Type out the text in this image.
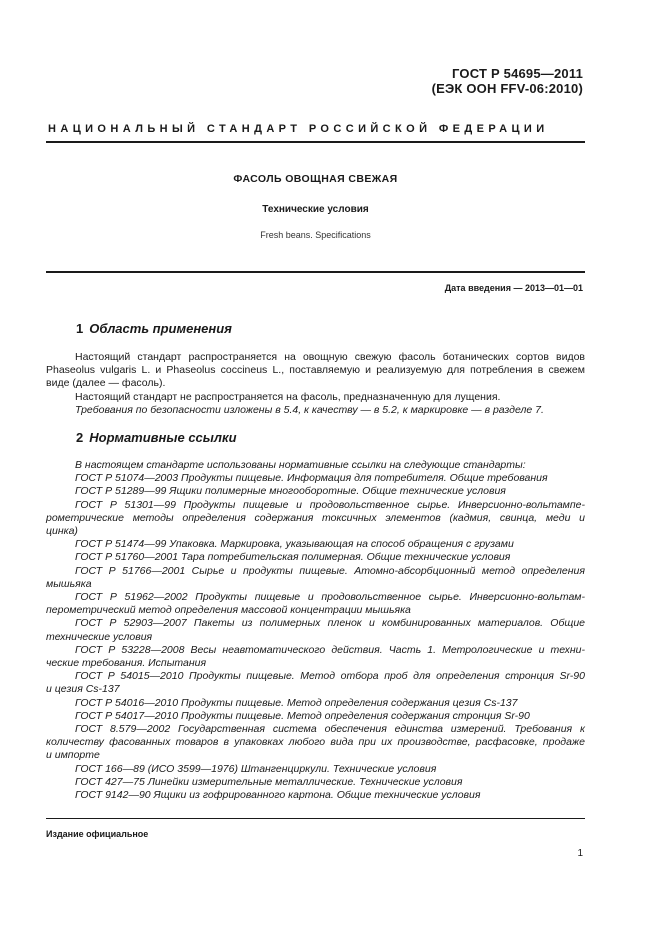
ГОСТ Р 54695—2011
(ЕЭК ООН FFV-06:2010)
НАЦИОНАЛЬНЫЙ СТАНДАРТ РОССИЙСКОЙ ФЕДЕРАЦИИ
ФАСОЛЬ ОВОЩНАЯ СВЕЖАЯ
Технические условия
Fresh beans. Specifications
Дата введения — 2013—01—01
1 Область применения
Настоящий стандарт распространяется на овощную свежую фасоль ботанических сортов видов
Phaseolus vulgaris L. и Phaseolus coccineus L., поставляемую и реализуемую для потребления в свежем
виде (далее — фасоль).
Настоящий стандарт не распространяется на фасоль, предназначенную для лущения.
Требования по безопасности изложены в 5.4, к качеству — в 5.2, к маркировке — в разделе 7.
2 Нормативные ссылки
В настоящем стандарте использованы нормативные ссылки на следующие стандарты:
ГОСТ Р 51074—2003 Продукты пищевые. Информация для потребителя. Общие требования
ГОСТ Р 51289—99 Ящики полимерные многооборотные. Общие технические условия
ГОСТ Р 51301—99 Продукты пищевые и продовольственное сырье. Инверсионно-вольтампе-
рометрические методы определения содержания токсичных элементов (кадмия, свинца, меди и
цинка)
ГОСТ Р 51474—99 Упаковка. Маркировка, указывающая на способ обращения с грузами
ГОСТ Р 51760—2001 Тара потребительская полимерная. Общие технические условия
ГОСТ Р 51766—2001 Сырье и продукты пищевые. Атомно-абсорбционный метод определения
мышьяка
ГОСТ Р 51962—2002 Продукты пищевые и продовольственное сырье. Инверсионно-вольтам-
перометрический метод определения массовой концентрации мышьяка
ГОСТ Р 52903—2007 Пакеты из полимерных пленок и комбинированных материалов. Общие
технические условия
ГОСТ Р 53228—2008 Весы неавтоматического действия. Часть 1. Метрологические и техни-
ческие требования. Испытания
ГОСТ Р 54015—2010 Продукты пищевые. Метод отбора проб для определения стронция Sr-90
и цезия Cs-137
ГОСТ Р 54016—2010 Продукты пищевые. Метод определения содержания цезия Cs-137
ГОСТ Р 54017—2010 Продукты пищевые. Метод определения содержания стронция Sr-90
ГОСТ 8.579—2002 Государственная система обеспечения единства измерений. Требования к
количеству фасованных товаров в упаковках любого вида при их производстве, расфасовке, продаже
и импорте
ГОСТ 166—89 (ИСО 3599—1976) Штангенциркули. Технические условия
ГОСТ 427—75 Линейки измерительные металлические. Технические условия
ГОСТ 9142—90 Ящики из гофрированного картона. Общие технические условия
Издание официальное
1
